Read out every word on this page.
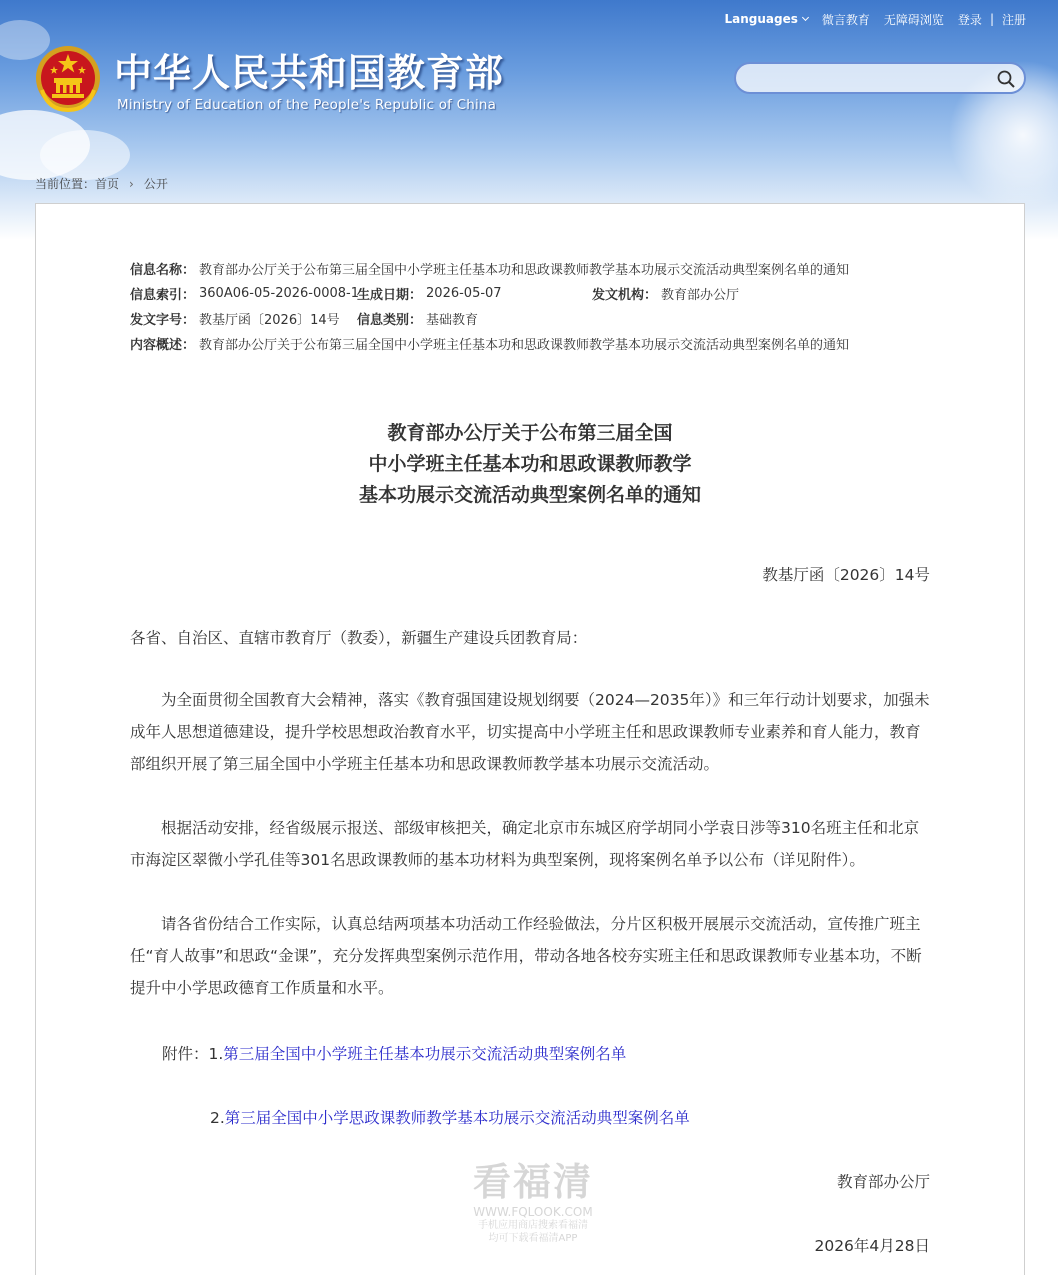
Languages 微言教育 无障碍浏览 登录 | 注册
中华人民共和国教育部
Ministry of Education of the People's Republic of China
当前位置： 首页 › 公开
信息名称： 教育部办公厅关于公布第三届全国中小学班主任基本功和思政课教师教学基本功展示交流活动典型案例名单的通知
信息索引： 360A06-05-2026-0008-1
生成日期： 2026-05-07	发文机构： 教育部办公厅
发文字号： 教基厅函〔2026〕14号	信息类别： 基础教育
内容概述： 教育部办公厅关于公布第三届全国中小学班主任基本功和思政课教师教学基本功展示交流活动典型案例名单的通知
教育部办公厅关于公布第三届全国
中小学班主任基本功和思政课教师教学
基本功展示交流活动典型案例名单的通知
教基厅函〔2026〕14号
各省、自治区、直辖市教育厅（教委），新疆生产建设兵团教育局：
为全面贯彻全国教育大会精神，落实《教育强国建设规划纲要（2024—2035年）》和三年行动计划要求，加强未成年人思想道德建设，提升学校思想政治教育水平，切实提高中小学班主任和思政课教师专业素养和育人能力，教育部组织开展了第三届全国中小学班主任基本功和思政课教师教学基本功展示交流活动。
根据活动安排，经省级展示报送、部级审核把关，确定北京市东城区府学胡同小学袁日涉等310名班主任和北京市海淀区翠微小学孔佳等301名思政课教师的基本功材料为典型案例，现将案例名单予以公布（详见附件）。
请各省份结合工作实际，认真总结两项基本功活动工作经验做法，分片区积极开展展示交流活动，宣传推广班主任“育人故事”和思政“金课”，充分发挥典型案例示范作用，带动各地各校夯实班主任和思政课教师专业基本功，不断提升中小学思政德育工作质量和水平。
附件：1.第三届全国中小学班主任基本功展示交流活动典型案例名单
2.第三届全国中小学思政课教师教学基本功展示交流活动典型案例名单
教育部办公厅
2026年4月28日
看福清
WWW.FQLOOK.COM
手机应用商店搜索看福清
均可下载看福清APP
